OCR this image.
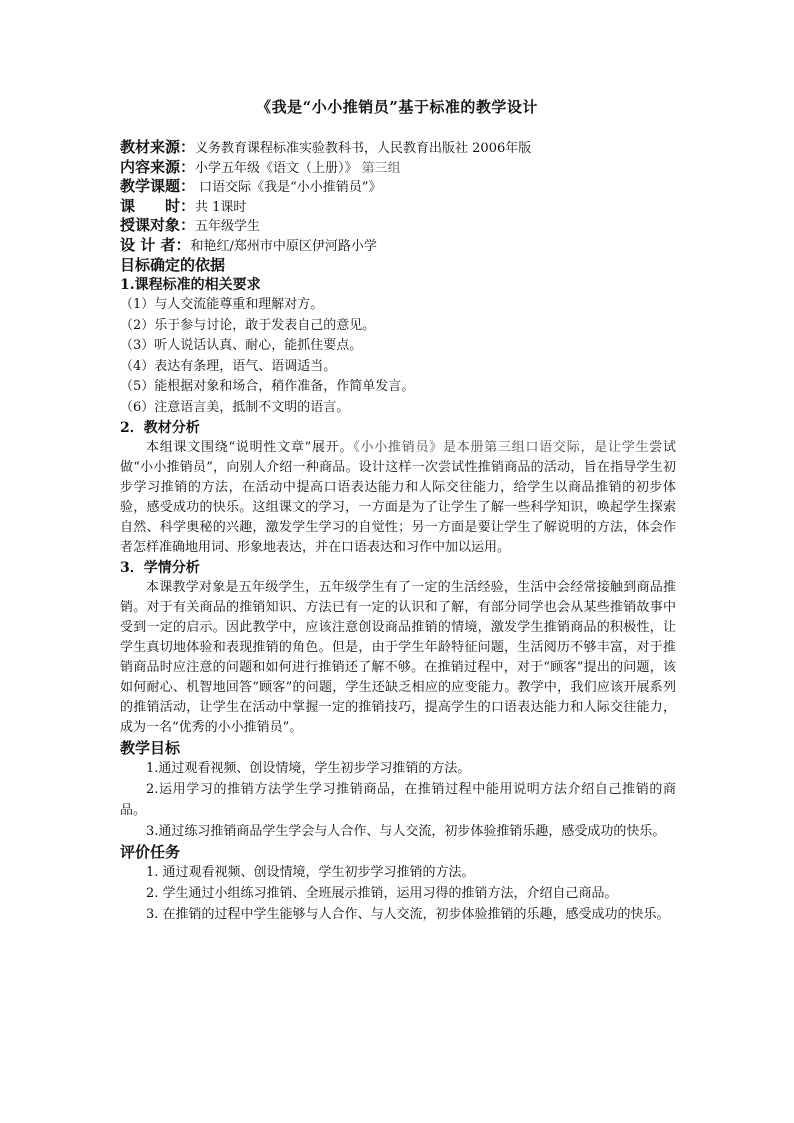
《我是“小小推销员”基于标准的教学设计
教材来源：义务教育课程标准实验教科书，人民教育出版社 2006年版
内容来源：小学五年级《语文（上册）》 第三组
教学课题： 口语交际《我是“小小推销员”》
课　　时：共 1课时
授课对象：五年级学生
设 计 者：和艳红/郑州市中原区伊河路小学
目标确定的依据
1.课程标准的相关要求
（1）与人交流能尊重和理解对方。
（2）乐于参与讨论，敢于发表自己的意见。
（3）听人说话认真、耐心，能抓住要点。
（4）表达有条理，语气、语调适当。
（5）能根据对象和场合，稍作准备，作简单发言。
（6）注意语言美，抵制不文明的语言。
2．教材分析

本组课文围绕“说明性文章”展开。《小小推销员》是本册第三组口语交际，是让学生尝试做“小小推销员”，向别人介绍一种商品。设计这样一次尝试性推销商品的活动，旨在指导学生初步学习推销的方法，在活动中提高口语表达能力和人际交往能力，给学生以商品推销的初步体验，感受成功的快乐。这组课文的学习，一方面是为了让学生了解一些科学知识，唤起学生探索自然、科学奥秘的兴趣，激发学生学习的自觉性；另一方面是要让学生了解说明的方法，体会作者怎样准确地用词、形象地表达，并在口语表达和习作中加以运用。

3．学情分析

本课教学对象是五年级学生，五年级学生有了一定的生活经验，生活中会经常接触到商品推销。对于有关商品的推销知识、方法已有一定的认识和了解，有部分同学也会从某些推销故事中受到一定的启示。因此教学中，应该注意创设商品推销的情境，激发学生推销商品的积极性，让学生真切地体验和表现推销的角色。但是，由于学生年龄特征问题，生活阅历不够丰富，对于推销商品时应注意的问题和如何进行推销还了解不够。在推销过程中，对于“顾客”提出的问题，该如何耐心、机智地回答“顾客”的问题，学生还缺乏相应的应变能力。教学中，我们应该开展系列的推销活动，让学生在活动中掌握一定的推销技巧，提高学生的口语表达能力和人际交往能力，成为一名“优秀的小小推销员”。

教学目标

1.通过观看视频、创设情境，学生初步学习推销的方法。

2.运用学习的推销方法学生学习推销商品，在推销过程中能用说明方法介绍自己推销的商品。

3.通过练习推销商品学生学会与人合作、与人交流，初步体验推销乐趣，感受成功的快乐。

评价任务

1. 通过观看视频、创设情境，学生初步学习推销的方法。

2. 学生通过小组练习推销、全班展示推销，运用习得的推销方法，介绍自己商品。

3. 在推销的过程中学生能够与人合作、与人交流，初步体验推销的乐趣，感受成功的快乐。
